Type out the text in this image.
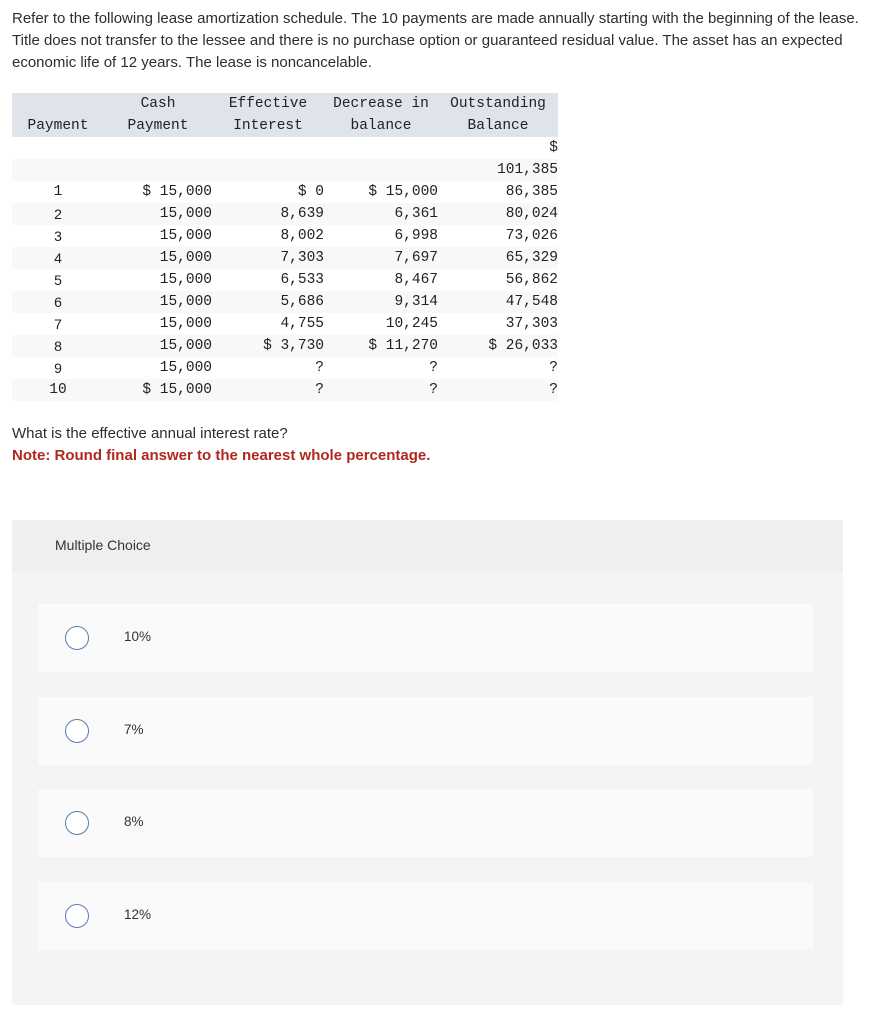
Refer to the following lease amortization schedule. The 10 payments are made annually starting with the beginning of the lease. Title does not transfer to the lessee and there is no purchase option or guaranteed residual value. The asset has an expected economic life of 12 years. The lease is noncancelable.

	Cash	Effective	Decrease in	Outstanding
Payment	Payment	Interest	balance	Balance
				$
				101,385
1	$ 15,000	$ 0	$ 15,000	86,385
2	15,000	8,639	6,361	80,024
3	15,000	8,002	6,998	73,026
4	15,000	7,303	7,697	65,329
5	15,000	6,533	8,467	56,862
6	15,000	5,686	9,314	47,548
7	15,000	4,755	10,245	37,303
8	15,000	$ 3,730	$ 11,270	$ 26,033
9	15,000	?	?	?
10	$ 15,000	?	?	?
What is the effective annual interest rate?
Note: Round final answer to the nearest whole percentage.
Multiple Choice
10%
7%
8%
12%
